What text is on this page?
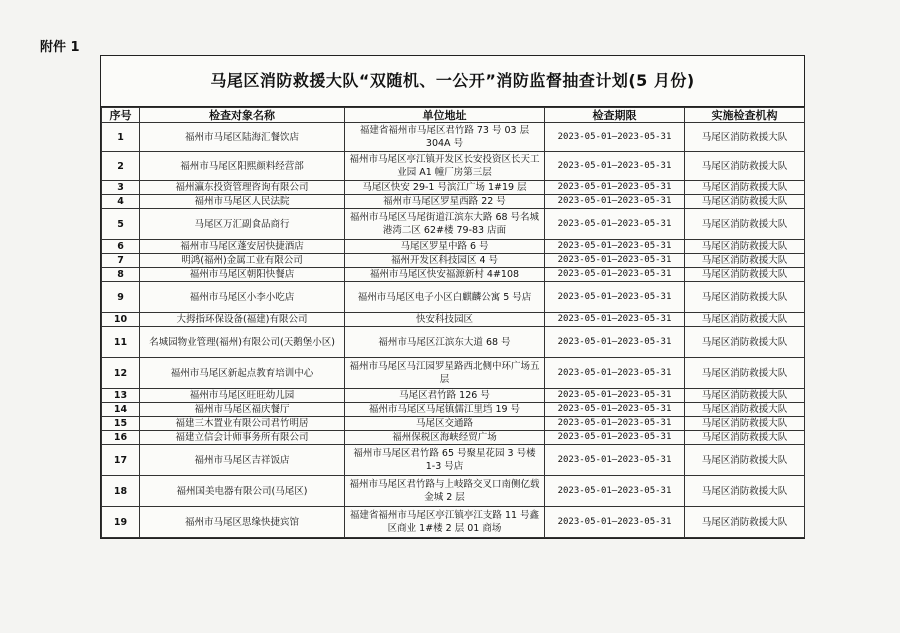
附件 1
马尾区消防救援大队“双随机、一公开”消防监督抽查计划(5 月份)
序号	检查对象名称	单位地址	检查期限	实施检查机构
1	福州市马尾区陆海汇餐饮店	福建省福州市马尾区君竹路 73 号 03 层 304A 号	2023-05-01—2023-05-31	马尾区消防救援大队
2	福州市马尾区阳熙颜料经营部	福州市马尾区亭江镇开发区长安投资区长天工业园 A1 幢厂房第三层	2023-05-01—2023-05-31	马尾区消防救援大队
3	福州瀛东投资管理咨询有限公司	马尾区快安 29-1 号滨江广场 1#19 层	2023-05-01—2023-05-31	马尾区消防救援大队
4	福州市马尾区人民法院	福州市马尾区罗星西路 22 号	2023-05-01—2023-05-31	马尾区消防救援大队
5	马尾区万汇副食品商行	福州市马尾区马尾街道江滨东大路 68 号名城港湾二区 62#楼 79-83 店面	2023-05-01—2023-05-31	马尾区消防救援大队
6	福州市马尾区蓬安居快捷酒店	马尾区罗星中路 6 号	2023-05-01—2023-05-31	马尾区消防救援大队
7	明鸿(福州)金属工业有限公司	福州开发区科技园区 4 号	2023-05-01—2023-05-31	马尾区消防救援大队
8	福州市马尾区朝阳快餐店	福州市马尾区快安福源新村 4#108	2023-05-01—2023-05-31	马尾区消防救援大队
9	福州市马尾区小李小吃店	福州市马尾区电子小区白麒麟公寓 5 号店	2023-05-01—2023-05-31	马尾区消防救援大队
10	大拇指环保设备(福建)有限公司	快安科技园区	2023-05-01—2023-05-31	马尾区消防救援大队
11	名城园物业管理(福州)有限公司(天鹅堡小区)	福州市马尾区江滨东大道 68 号	2023-05-01—2023-05-31	马尾区消防救援大队
12	福州市马尾区新起点教育培训中心	福州市马尾区马江园罗星路西北侧中环广场五层	2023-05-01—2023-05-31	马尾区消防救援大队
13	福州市马尾区旺旺幼儿园	马尾区君竹路 126 号	2023-05-01—2023-05-31	马尾区消防救援大队
14	福州市马尾区福庆餐厅	福州市马尾区马尾镇儒江里垱 19 号	2023-05-01—2023-05-31	马尾区消防救援大队
15	福建三木置业有限公司君竹明居	马尾区交通路	2023-05-01—2023-05-31	马尾区消防救援大队
16	福建立信会计师事务所有限公司	福州保税区海峡经贸广场	2023-05-01—2023-05-31	马尾区消防救援大队
17	福州市马尾区吉祥饭店	福州市马尾区君竹路 65 号聚星花园 3 号楼 1-3 号店	2023-05-01—2023-05-31	马尾区消防救援大队
18	福州国美电器有限公司(马尾区)	福州市马尾区君竹路与上岐路交叉口南侧亿载金城 2 层	2023-05-01—2023-05-31	马尾区消防救援大队
19	福州市马尾区思缘快捷宾馆	福建省福州市马尾区亭江镇亭江支路 11 号鑫区商业 1#楼 2 层 01 商场	2023-05-01—2023-05-31	马尾区消防救援大队
